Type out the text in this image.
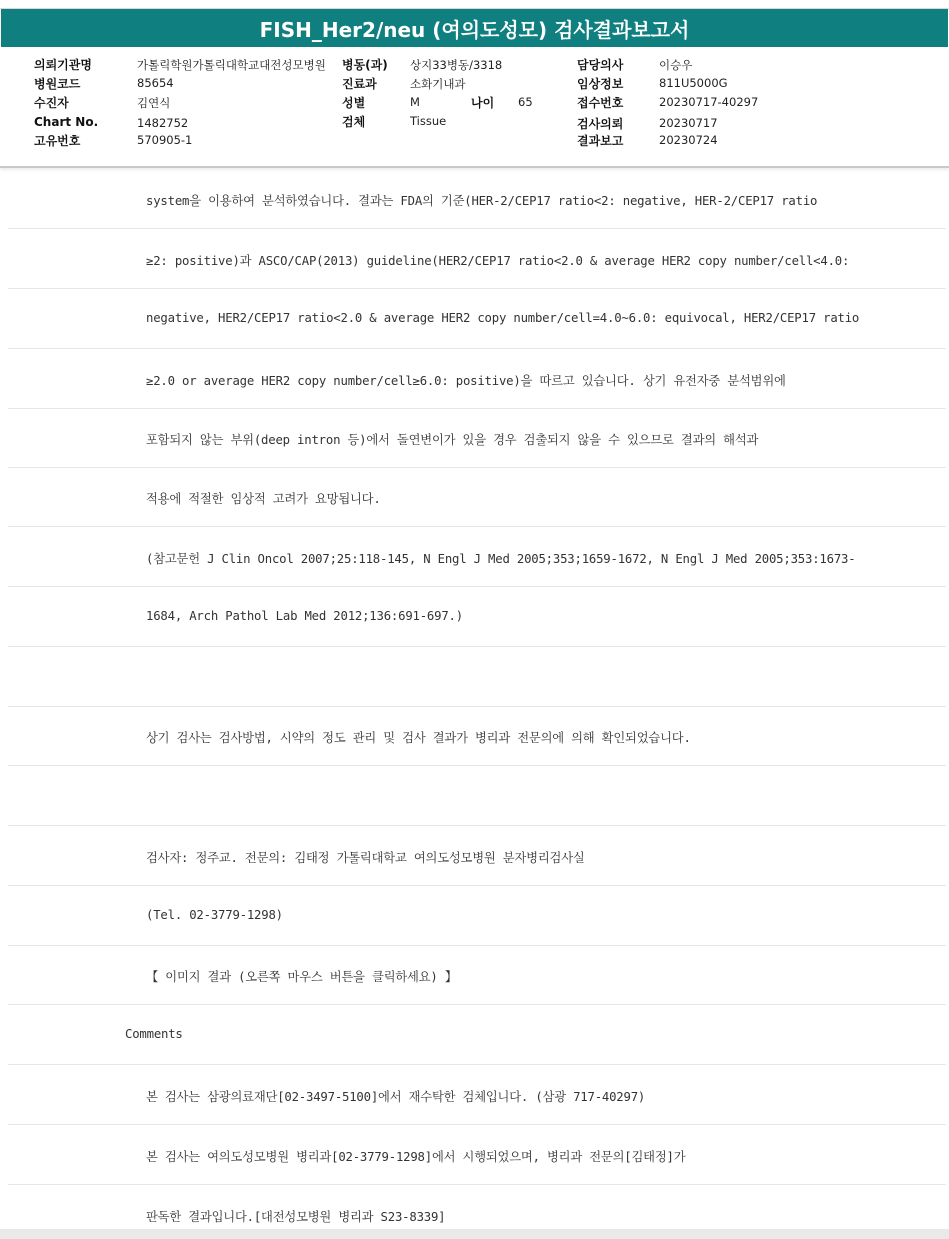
FISH_Her2/neu (여의도성모) 검사결과보고서
의뢰기관명	가톨릭학원가톨릭대학교대전성모병원 병동(과) 상지33병동/3318	담당의사	이승우
병원코드	85654	진료과	소화기내과	임상정보	811U5000G
수진자	김연식	성별	M	나이 65	접수번호	20230717-40297
Chart No.	1482752	검체	Tissue	검사의뢰	20230717
고유번호	570905-1	결과보고	20230724
system을 이용하여 분석하였습니다. 결과는 FDA의 기준(HER-2/CEP17 ratio<2: negative, HER-2/CEP17 ratio
≥2: positive)과 ASCO/CAP(2013) guideline(HER2/CEP17 ratio<2.0 & average HER2 copy number/cell<4.0:
negative, HER2/CEP17 ratio<2.0 & average HER2 copy number/cell=4.0~6.0: equivocal, HER2/CEP17 ratio
≥2.0 or average HER2 copy number/cell≥6.0: positive)을 따르고 있습니다. 상기 유전자중 분석범위에
포함되지 않는 부위(deep intron 등)에서 돌연변이가 있을 경우 검출되지 않을 수 있으므로 결과의 해석과
적용에 적절한 임상적 고려가 요망됩니다.
(참고문헌 J Clin Oncol 2007;25:118-145, N Engl J Med 2005;353;1659-1672, N Engl J Med 2005;353:1673-
1684, Arch Pathol Lab Med 2012;136:691-697.)
상기 검사는 검사방법, 시약의 정도 관리 및 검사 결과가 병리과 전문의에 의해 확인되었습니다.
검사자: 정주교. 전문의: 김태정 가톨릭대학교 여의도성모병원 분자병리검사실
(Tel. 02-3779-1298)
【 이미지 결과 (오른쪽 마우스 버튼을 클릭하세요) 】
Comments
본 검사는 삼광의료재단[02-3497-5100]에서 재수탁한 검체입니다. (삼광 717-40297)
본 검사는 여의도성모병원 병리과[02-3779-1298]에서 시행되었으며, 병리과 전문의[김태정]가
판독한 결과입니다.[대전성모병원 병리과 S23-8339]
